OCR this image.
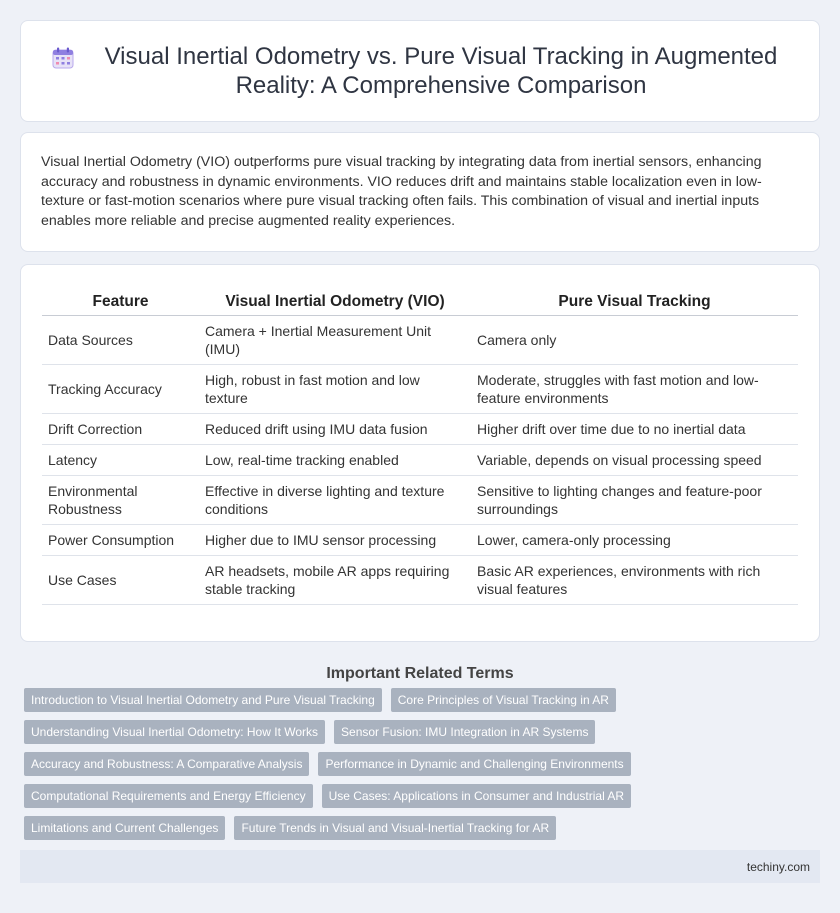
Visual Inertial Odometry vs. Pure Visual Tracking in Augmented Reality: A Comprehensive Comparison

Visual Inertial Odometry (VIO) outperforms pure visual tracking by integrating data from inertial sensors, enhancing accuracy and robustness in dynamic environments. VIO reduces drift and maintains stable localization even in low-texture or fast-motion scenarios where pure visual tracking often fails. This combination of visual and inertial inputs enables more reliable and precise augmented reality experiences.

Feature	Visual Inertial Odometry (VIO)	Pure Visual Tracking
Data Sources	Camera + Inertial Measurement Unit (IMU)	Camera only
Tracking Accuracy	High, robust in fast motion and low texture	Moderate, struggles with fast motion and low-feature environments
Drift Correction	Reduced drift using IMU data fusion	Higher drift over time due to no inertial data
Latency	Low, real-time tracking enabled	Variable, depends on visual processing speed
Environmental Robustness	Effective in diverse lighting and texture conditions	Sensitive to lighting changes and feature-poor surroundings
Power Consumption	Higher due to IMU sensor processing	Lower, camera-only processing
Use Cases	AR headsets, mobile AR apps requiring stable tracking	Basic AR experiences, environments with rich visual features
Important Related Terms
Introduction to Visual Inertial Odometry and Pure Visual Tracking	Core Principles of Visual Tracking in AR
Understanding Visual Inertial Odometry: How It Works	Sensor Fusion: IMU Integration in AR Systems
Accuracy and Robustness: A Comparative Analysis	Performance in Dynamic and Challenging Environments
Computational Requirements and Energy Efficiency	Use Cases: Applications in Consumer and Industrial AR
Limitations and Current Challenges	Future Trends in Visual and Visual-Inertial Tracking for AR
techiny.com
